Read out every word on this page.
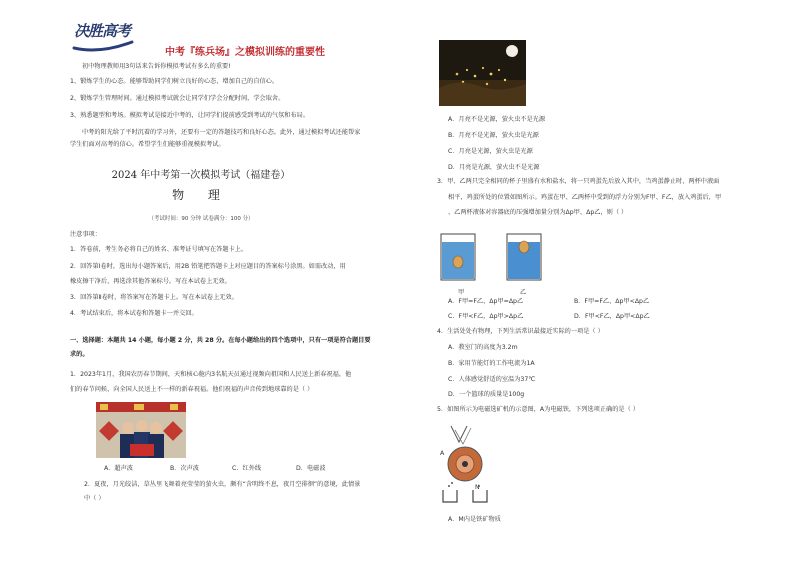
决胜高考
中考『练兵场』之模拟训练的重要性
初中物理教师用3句话来告诉你模拟考试有多么的重要!
1、锻炼学生的心态。能够帮助同学们树立良好的心态，增加自己的自信心。
2、锻炼学生管理时间。通过模拟考试就会让同学们学会分配时间，学会取舍。
3、熟悉题型和考场。模拟考试是接近中考的，让同学们提前感受到考试的气氛和布局。
中考的阳光给了平时沉着的学习外，还要有一定的答题技巧和良好心态。此外，通过模拟考试还能帮家
学生们面对高考的信心。希望学生们能够重视模拟考试。
2024 年中考第一次模拟考试（福建卷）
物 理
（考试时间：90 分钟 试卷满分：100 分）
注意事项：
1．答卷前，考生务必将自己的姓名、准考证号填写在答题卡上。
2．回答第Ⅰ卷时，选出每小题答案后，用2B 铅笔把答题卡上对应题目的答案标号涂黑。如需改动，用
橡皮擦干净后，再选涂其他答案标号。写在本试卷上无效。
3．回答第Ⅱ卷时，将答案写在答题卡上。写在本试卷上无效。
4．考试结束后，将本试卷和答题卡一并交回。
一、选择题：本题共 14 小题，每小题 2 分，共 28 分。在每小题给出的四个选项中，只有一项是符合题目要
求的。
1．2023年1月，我国农历春节期间，天和核心舱内3名航天员通过视频向祖国和人民送上新春祝福，他
们的春节问候，向全国人民送上不一样的新春祝福。他们祝福的声音传到地球靠的是（ ）
A．超声波	B．次声波	C．红外线	D．电磁波
2．夏夜，月光皎洁，草丛里飞舞着亮莹莹的萤火虫，颇有“含明终不息，夜月空徘徊”的意境，此情景
中（ ）
A．月亮不是光源，萤火虫不是光源
B．月亮不是光源，萤火虫是光源
C．月亮是光源，萤火虫是光源
D．月亮是光源，萤火虫不是光源
3．甲、乙两只完全相同的杯子里盛有水和盐水，将一只鸡蛋先后放入其中，当鸡蛋静止时，两杯中液面
相平，鸡蛋所处的位置如图所示。鸡蛋在甲、乙两杯中受到的浮力分别为F甲、F乙，放入鸡蛋后，甲
、乙两杯液体对容器底的压强增加量分别为Δp甲、Δp乙，则（ ）
甲	乙
A．F甲=F乙，Δp甲=Δp乙	B．F甲=F乙，Δp甲<Δp乙
C．F甲<F乙，Δp甲>Δp乙	D．F甲<F乙，Δp甲<Δp乙
4．生活处处有物理，下列生活常识最接近实际的一项是（ ）
A．教室门的高度为3.2m
B．家用节能灯的工作电流为1A
C．人体感觉舒适的室温为37℃
D．一个篮球的质量是100g
5．如图所示为电磁选矿机的示意图，A为电磁铁，下列选项正确的是（ ）
A
N
A．M内是铁矿物质
